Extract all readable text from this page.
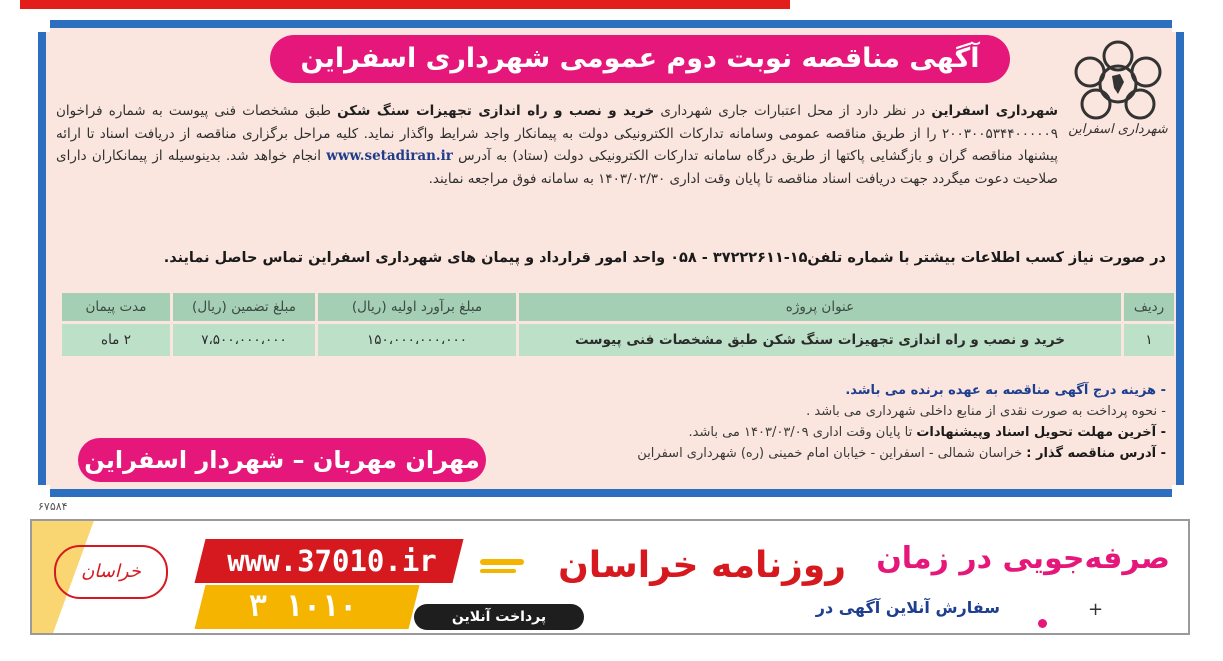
آگهی مناقصه نوبت دوم عمومی شهرداری اسفراین
شهرداری اسفراین
شهرداری اسفراین در نظر دارد از محل اعتبارات جاری شهرداری خرید و نصب و راه اندازی تجهیزات سنگ شکن طبق مشخصات فنی پیوست به شماره فراخوان ۲۰۰۳۰۰۵۳۴۴۰۰۰۰۰۹ را از طریق مناقصه عمومی وسامانه تدارکات الکترونیکی دولت به پیمانکار واجد شرایط واگذار نماید. کلیه مراحل برگزاری مناقصه از دریافت اسناد تا ارائه پیشنهاد مناقصه گران و بازگشایی پاکتها از طریق درگاه سامانه تدارکات الکترونیکی دولت (ستاد) به آدرس www.setadiran.ir انجام خواهد شد. بدینوسیله از پیمانکاران دارای صلاحیت دعوت میگردد جهت دریافت اسناد مناقصه تا پایان وقت اداری ۱۴۰۳/۰۲/۳۰ به سامانه فوق مراجعه نمایند.
در صورت نیاز کسب اطلاعات بیشتر با شماره تلفن۱۵-۳۷۲۲۲۶۱۱ - ۰۵۸ واحد امور قرارداد و پیمان های شهرداری اسفراین تماس حاصل نمایند.
ردیف	عنوان پروژه	مبلغ برآورد اولیه (ریال)	مبلغ تضمین (ریال)	مدت پیمان
۱	خرید و نصب و راه اندازی تجهیزات سنگ شکن طبق مشخصات فنی پیوست	۱۵۰،۰۰۰،۰۰۰،۰۰۰	۷،۵۰۰،۰۰۰،۰۰۰	۲ ماه
- هزینه درج آگهی مناقصه به عهده برنده می باشد.
- نحوه پرداخت به صورت نقدی از منابع داخلی شهرداری می باشد .
- آخرین مهلت تحویل اسناد وپیشنهادات تا پایان وقت اداری ۱۴۰۳/۰۳/۰۹ می باشد.
- آدرس مناقصه گذار : خراسان شمالی - اسفراین - خیابان امام خمینی (ره) شهرداری اسفراین
مهران مهربان – شهردار اسفراین
۶۷۵۸۴
خراسان	www.37010.ir
۳ ۱۰۱۰	پرداخت آنلاین
روزنامه خراسان	صرفه‌جویی در زمان
سفارش آنلاین آگهی در	+
